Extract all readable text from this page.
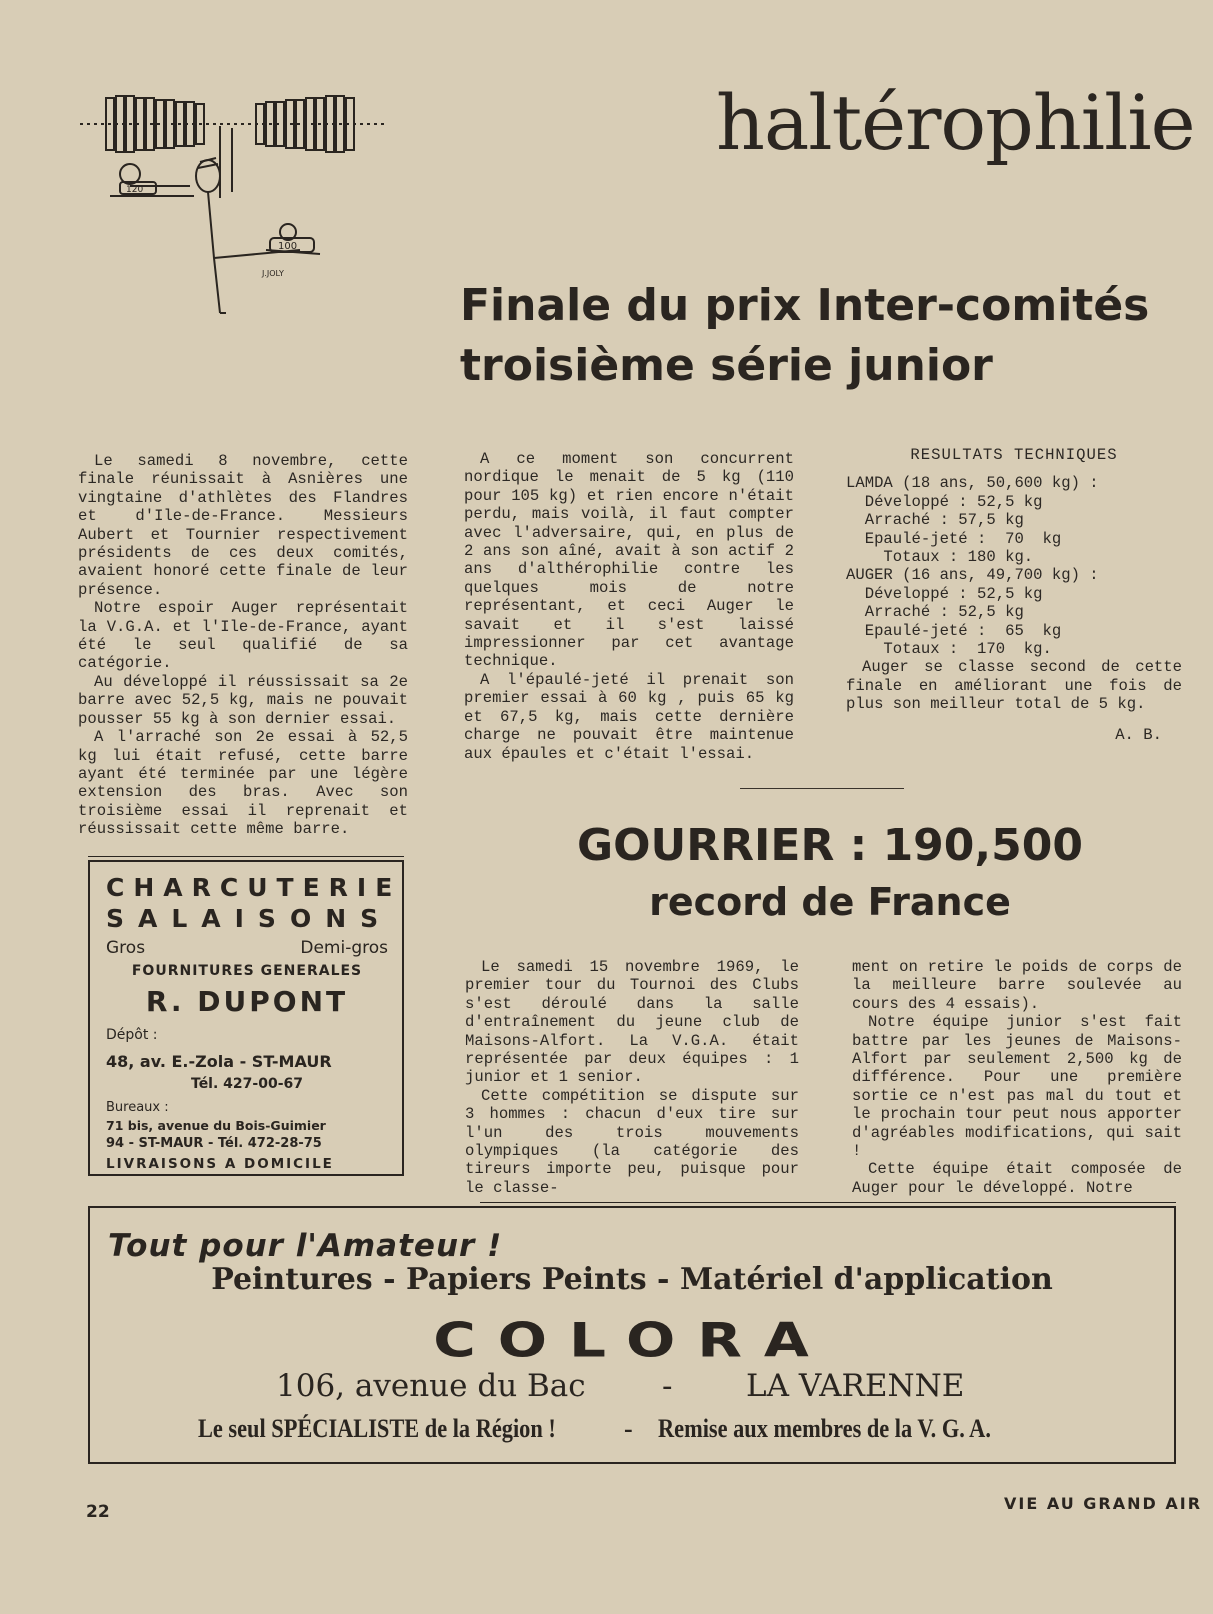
120
100
J.JOLY
haltérophilie
Finale du prix Inter-comités
troisième série junior

Le samedi 8 novembre, cette finale réunissait à Asnières une vingtaine d'athlètes des Flandres et d'Ile-de-France. Messieurs Aubert et Tournier respectivement présidents de ces deux comités, avaient honoré cette finale de leur présence.

Notre espoir Auger représentait la V.G.A. et l'Ile-de-France, ayant été le seul qualifié de sa catégorie.

Au développé il réussissait sa 2e barre avec 52,5 kg, mais ne pouvait pousser 55 kg à son dernier essai.

A l'arraché son 2e essai à 52,5 kg lui était refusé, cette barre ayant été terminée par une légère extension des bras. Avec son troisième essai il reprenait et réussissait cette même barre.

A ce moment son concurrent nordique le menait de 5 kg (110 pour 105 kg) et rien encore n'était perdu, mais voilà, il faut compter avec l'adversaire, qui, en plus de 2 ans son aîné, avait à son actif 2 ans d'althérophilie contre les quelques mois de notre représentant, et ceci Auger le savait et il s'est laissé impressionner par cet avantage technique.

A l'épaulé-jeté il prenait son premier essai à 60 kg , puis 65 kg et 67,5 kg, mais cette dernière charge ne pouvait être maintenue aux épaules et c'était l'essai.

RESULTATS TECHNIQUES
LAMDA (18 ans, 50,600 kg) :
Développé : 52,5 kg
Arraché : 57,5 kg
Epaulé-jeté :  70  kg
Totaux : 180 kg.
AUGER (16 ans, 49,700 kg) :
Développé : 52,5 kg
Arraché : 52,5 kg
Epaulé-jeté :  65  kg
Totaux :  170  kg.
Auger se classe second de cette finale en améliorant une fois de plus son meilleur total de 5 kg.
A. B.
GOURRIER : 190,500
record de France

Le samedi 15 novembre 1969, le premier tour du Tournoi des Clubs s'est déroulé dans la salle d'entraînement du jeune club de Maisons-Alfort. La V.G.A. était représentée par deux équipes : 1 junior et 1 senior.

Cette compétition se dispute sur 3 hommes : chacun d'eux tire sur l'un des trois mouvements olympiques (la catégorie des tireurs importe peu, puisque pour le classe-

ment on retire le poids de corps de la meilleure barre soulevée au cours des 4 essais).

Notre équipe junior s'est fait battre par les jeunes de Maisons-Alfort par seulement 2,500 kg de différence. Pour une première sortie ce n'est pas mal du tout et le prochain tour peut nous apporter d'agréables modifications, qui sait !

Cette équipe était composée de Auger pour le développé. Notre

CHARCUTERIE
SALAISONS
Gros	Demi-gros
FOURNITURES GENERALES
R. DUPONT
Dépôt :
48, av. E.-Zola - ST-MAUR
Tél. 427-00-67
Bureaux :
71 bis, avenue du Bois-Guimier
94 - ST-MAUR - Tél. 472-28-75
LIVRAISONS A DOMICILE
Tout pour l'Amateur !
Peintures - Papiers Peints - Matériel d'application
COLORA
106, avenue du Bac - LA VARENNE
Le seul SPÉCIALISTE de la Région !	- Remise aux membres de la V. G. A.
22	VIE AU GRAND AIR
